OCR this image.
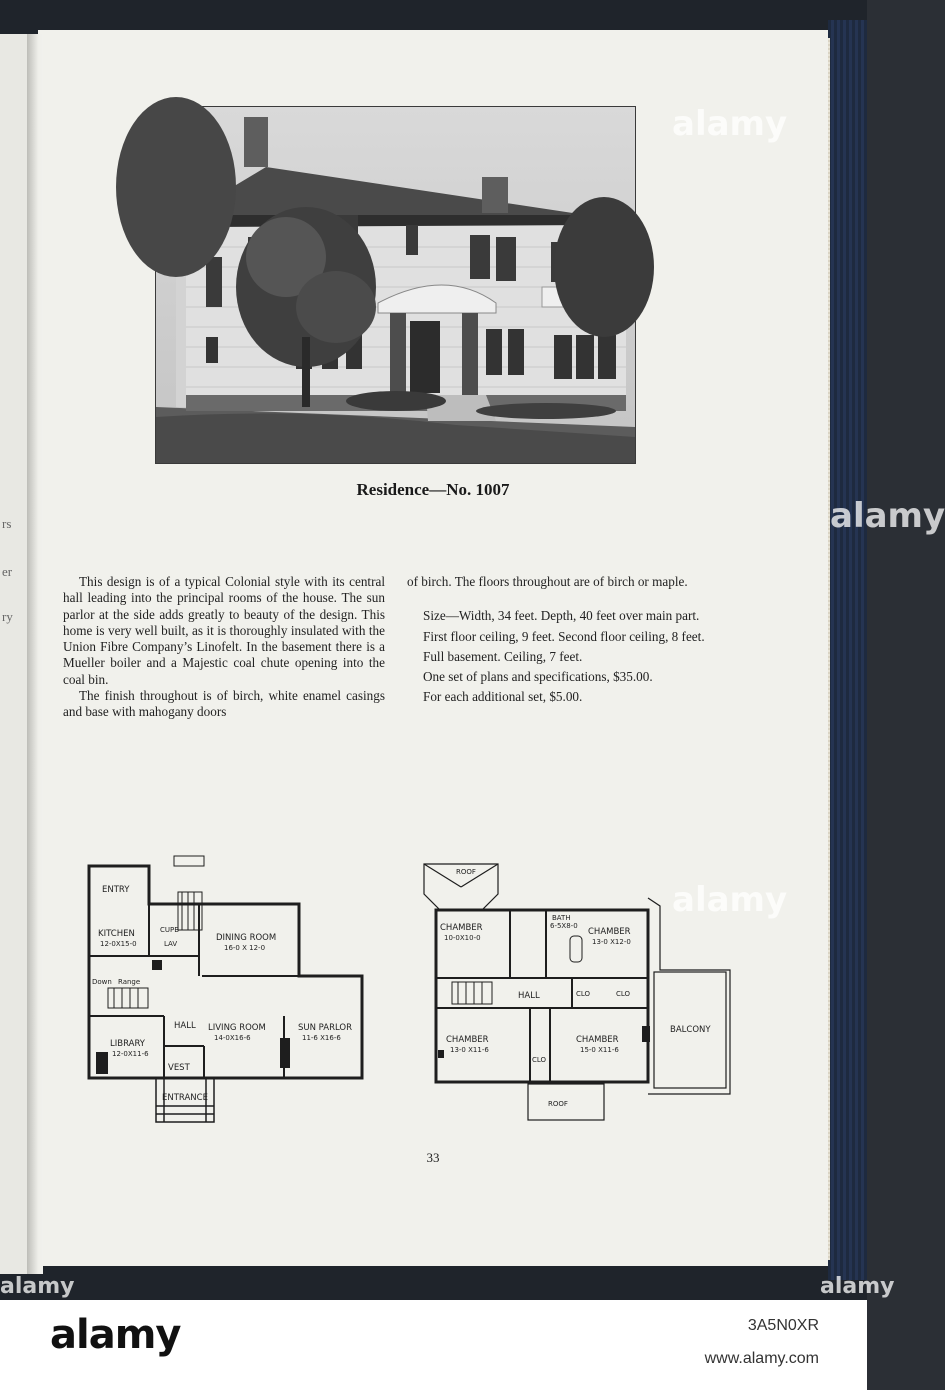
rs
er
ry
Residence—No. 1007

This design is of a typical Colonial style with its central hall leading into the principal rooms of the house. The sun parlor at the side adds greatly to beauty of the design. This home is very well built, as it is thoroughly insulated with the Union Fibre Company’s Linofelt. In the basement there is a Mueller boiler and a Majestic coal chute opening into the coal bin.

The finish throughout is of birch, white enamel casings and base with mahogany doors

of birch. The floors throughout are of birch or maple.

Size—Width, 34 feet. Depth, 40 feet over main part.

First floor ceiling, 9 feet. Second floor ceiling, 8 feet.

Full basement. Ceiling, 7 feet.

One set of plans and specifications, $35.00.

For each additional set, $5.00.

ENTRY
KITCHEN
12-0X15-0
CUPB
LAV
DINING ROOM
16-0 X 12-0
Range
Down
HALL LIVING ROOM
14-0X16-6
SUN PARLOR
11-6 X16-6
LIBRARY
12-0X11-6
VEST
ENTRANCE
ROOF
CHAMBER
10-0X10-0
BATH
6-5X8-0
CHAMBER
13-0 X12-0
HALL	CLO	CLO
BALCONY
CHAMBER
13-0 X11-6
CHAMBER
15-0 X11-6
CLO
ROOF
33
alamy
alamy
alamy
alamy	alamy
alamy	3A5N0XR
www.alamy.com
